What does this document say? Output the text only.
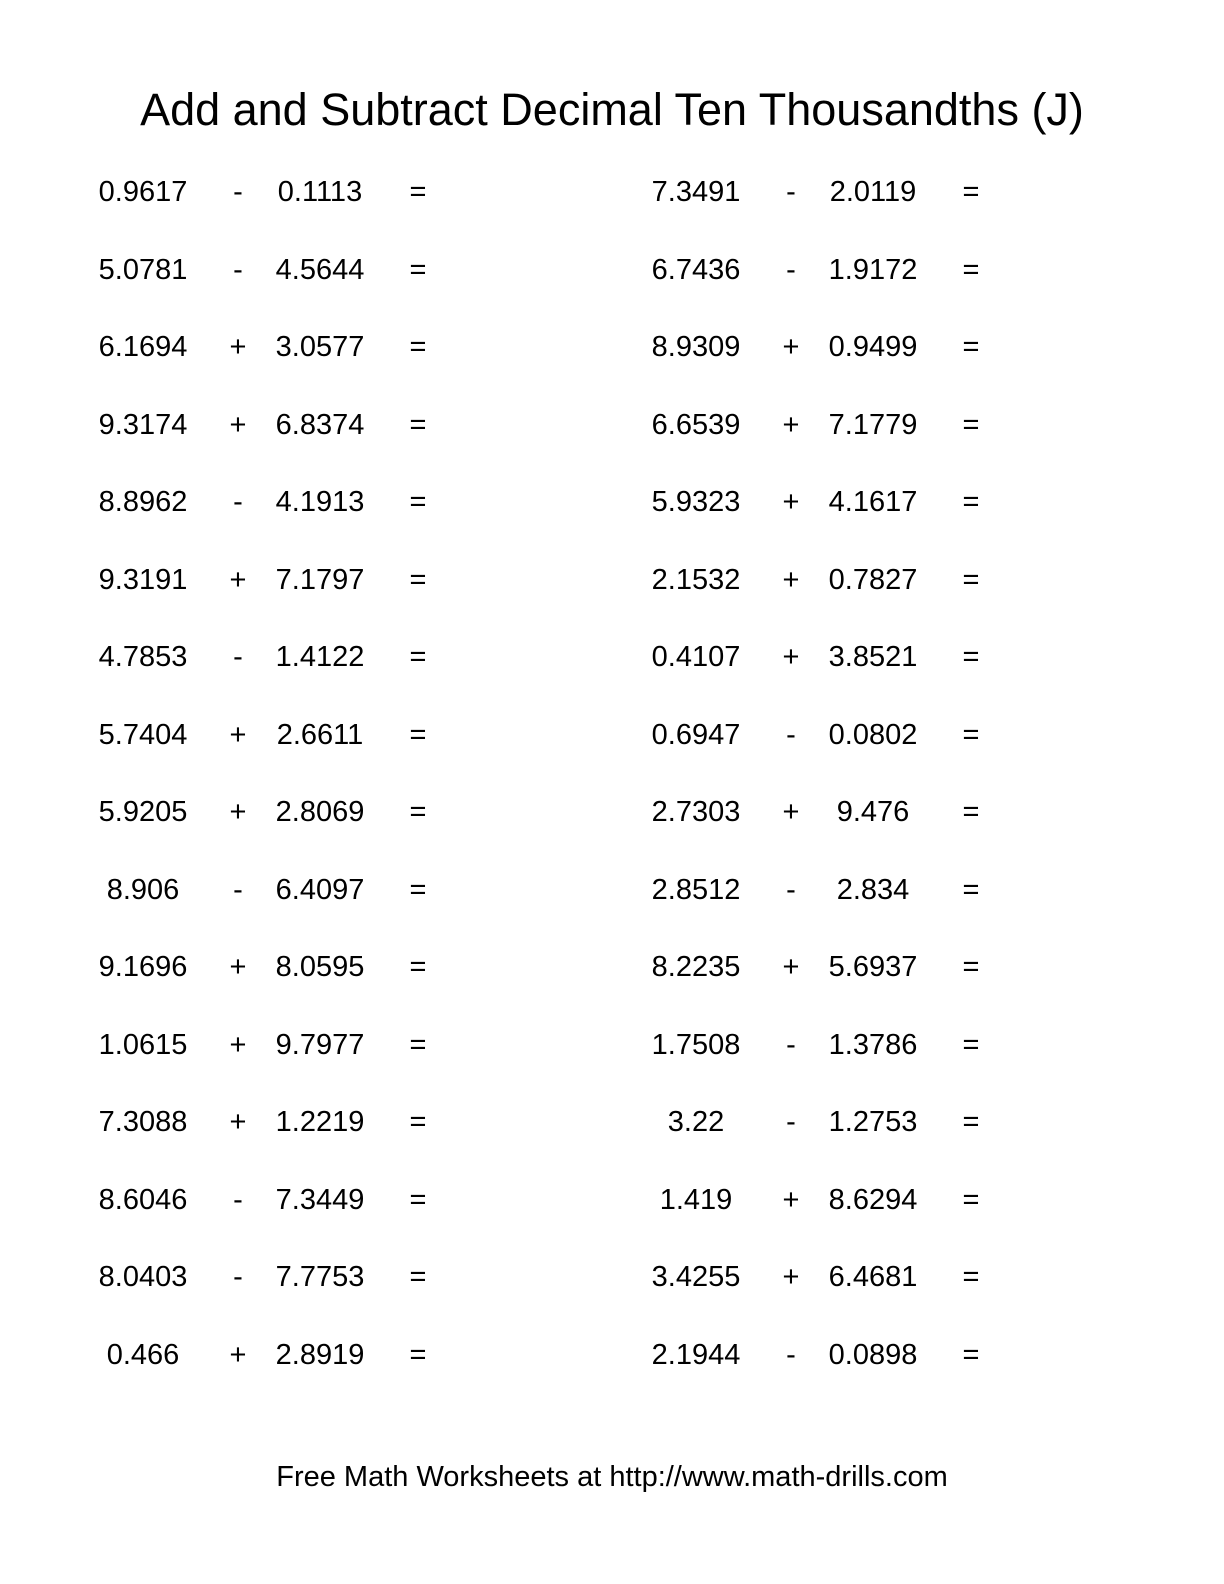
Add and Subtract Decimal Ten Thousandths (J)
0.9617	-	0.1113	=
5.0781	-	4.5644	=
6.1694	+	3.0577	=
9.3174	+	6.8374	=
8.8962	-	4.1913	=
9.3191	+	7.1797	=
4.7853	-	1.4122	=
5.7404	+	2.6611	=
5.9205	+	2.8069	=
8.906	-	6.4097	=
9.1696	+	8.0595	=
1.0615	+	9.7977	=
7.3088	+	1.2219	=
8.6046	-	7.3449	=
8.0403	-	7.7753	=
0.466	+	2.8919	=
7.3491	-	2.0119	=
6.7436	-	1.9172	=
8.9309	+	0.9499	=
6.6539	+	7.1779	=
5.9323	+	4.1617	=
2.1532	+	0.7827	=
0.4107	+	3.8521	=
0.6947	-	0.0802	=
2.7303	+	9.476	=
2.8512	-	2.834	=
8.2235	+	5.6937	=
1.7508	-	1.3786	=
3.22	-	1.2753	=
1.419	+	8.6294	=
3.4255	+	6.4681	=
2.1944	-	0.0898	=
Free Math Worksheets at http://www.math-drills.com
